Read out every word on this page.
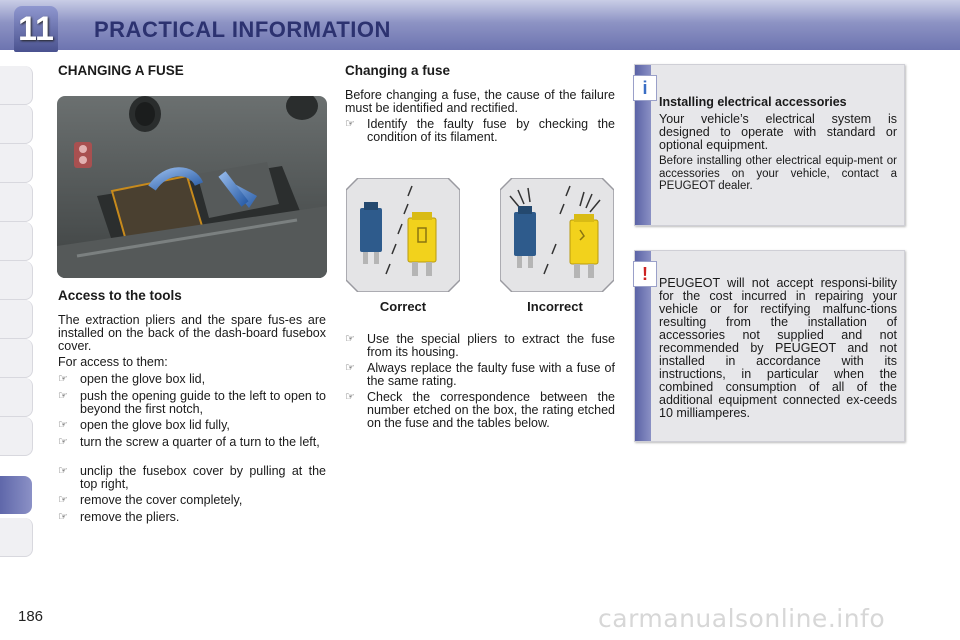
11 PRACTICAL INFORMATION
186
CHANGING A FUSE
Access to the tools
The extraction pliers and the spare fus-es are installed on the back of the dash-board fusebox cover.
For access to them:
☞ open the glove box lid,
☞ push the opening guide to the left to open to beyond the first notch,
☞ open the glove box lid fully,
☞ turn the screw a quarter of a turn to the left,
☞ unclip the fusebox cover by pulling at the top right,
☞ remove the cover completely,
☞ remove the pliers.
Changing a fuse
Before changing a fuse, the cause of the failure must be identified and rectified.
☞ Identify the faulty fuse by checking the condition of its filament.
Correct	Incorrect
☞ Use the special pliers to extract the fuse from its housing.
☞ Always replace the faulty fuse with a fuse of the same rating.
☞ Check the correspondence between the number etched on the box, the rating etched on the fuse and the tables below.
i
Installing electrical accessories
Your vehicle’s electrical system is designed to operate with standard or optional equipment.
Before installing other electrical equip-ment or accessories on your vehicle, contact a PEUGEOT dealer.
! PEUGEOT will not accept responsi-bility for the cost incurred in repairing your vehicle or for rectifying malfunc-tions resulting from the installation of accessories not supplied and not recommended by PEUGEOT and not installed in accordance with its instructions, in particular when the combined consumption of all of the additional equipment connected ex-ceeds 10 milliamperes.
carmanualsonline.info
